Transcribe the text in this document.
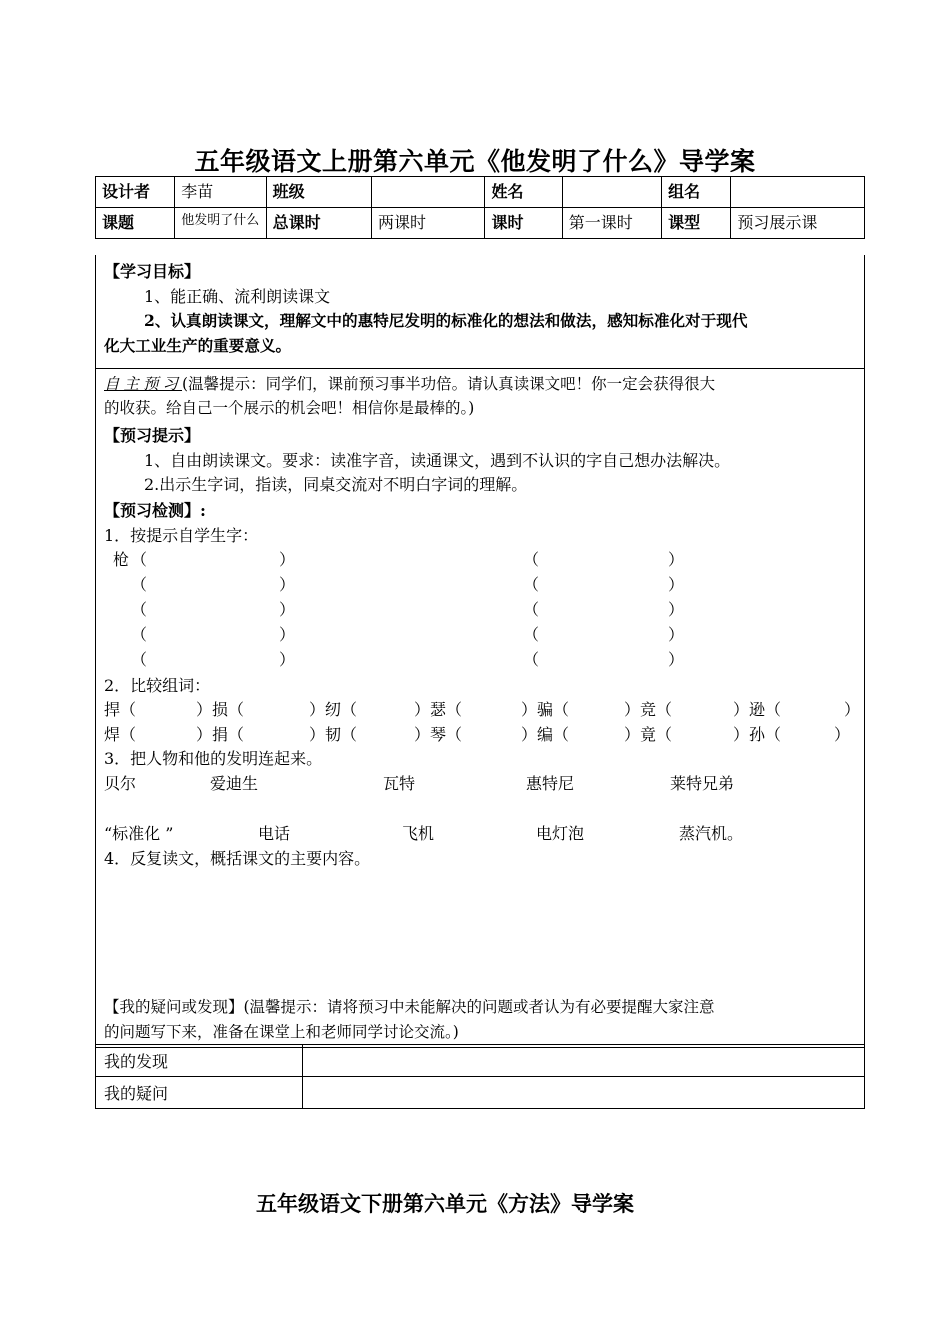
五年级语文上册第六单元《他发明了什么》导学案
设计者	李苗	班级		姓名		组名	
课题	他发明了什么	总课时	两课时	课时	第一课时	课型	预习展示课
【学习目标】
1、能正确、流利朗读课文
2、认真朗读课文，理解文中的惠特尼发明的标准化的想法和做法，感知标准化对于现代
化大工业生产的重要意义。
自主预习(温馨提示：同学们，课前预习事半功倍。请认真读课文吧！你一定会获得很大
的收获。给自己一个展示的机会吧！相信你是最棒的。)
【预习提示】
1、自由朗读课文。要求：读准字音，读通课文，遇到不认识的字自己想办法解决。
2.出示生字词，指读，同桌交流对不明白字词的理解。
【预习检测】:
1．按提示自学生字：
枪 （	）	（	）
（	）	（	）
（	）	（	）
（	）	（	）
（	）	（	）
2．比较组词：
捍（	）损（	）纫（	）瑟（	）骗（	）竞（	）逊（	）
焊（	）捐（	）韧（	）琴（	）编（	）竟（	）孙（	）
3．把人物和他的发明连起来。
贝尔	爱迪生	瓦特	惠特尼	莱特兄弟
“标准化 ”	电话	飞机	电灯泡	蒸汽机。
4．反复读文，概括课文的主要内容。
【我的疑问或发现】(温馨提示：请将预习中未能解决的问题或者认为有必要提醒大家注意
的问题写下来，准备在课堂上和老师同学讨论交流。)
我的发现	
我的疑问	
五年级语文下册第六单元《方法》导学案
